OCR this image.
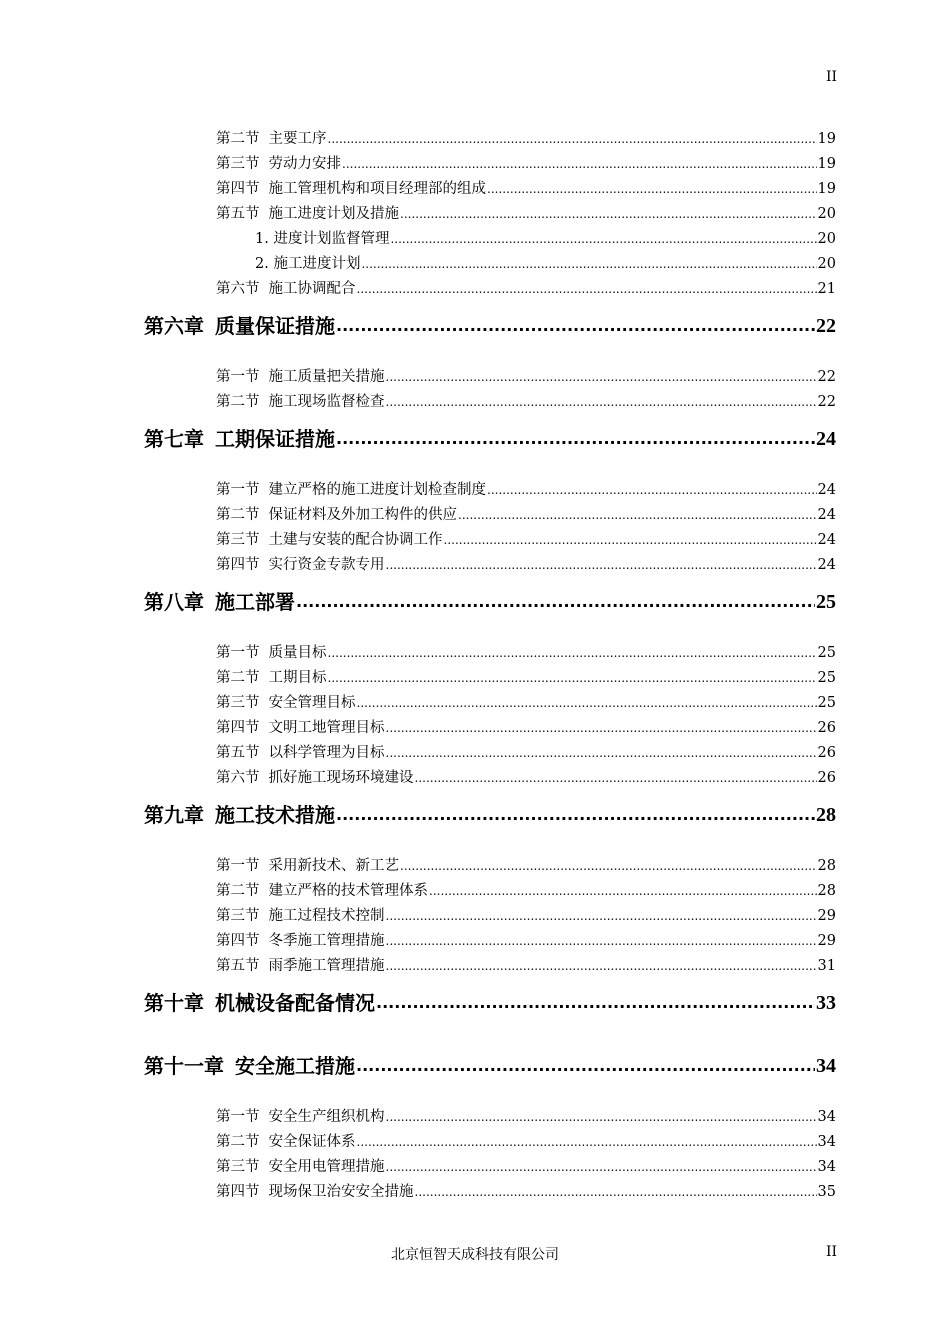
II
第二节 主要工序 .....	19
第三节 劳动力安排 .....	19
第四节 施工管理机构和项目经理部的组成 .....	19
第五节 施工进度计划及措施 .....	20
1. 进度计划监督管理 .....	20
2. 施工进度计划 .....	20
第六节 施工协调配合 .....	21
第六章 质量保证措施 .....	22
第一节 施工质量把关措施 .....	22
第二节 施工现场监督检查 .....	22
第七章 工期保证措施 .....	24
第一节 建立严格的施工进度计划检查制度 .....	24
第二节 保证材料及外加工构件的供应 .....	24
第三节 土建与安装的配合协调工作 .....	24
第四节 实行资金专款专用 .....	24
第八章 施工部署 .....	25
第一节 质量目标 .....	25
第二节 工期目标 .....	25
第三节 安全管理目标 .....	25
第四节 文明工地管理目标 .....	26
第五节 以科学管理为目标 .....	26
第六节 抓好施工现场环境建设 .....	26
第九章 施工技术措施 .....	28
第一节 采用新技术、新工艺 .....	28
第二节 建立严格的技术管理体系 .....	28
第三节 施工过程技术控制 .....	29
第四节 冬季施工管理措施 .....	29
第五节 雨季施工管理措施 .....	31
第十章 机械设备配备情况 .....	33
第十一章 安全施工措施 .....	34
第一节 安全生产组织机构 .....	34
第二节 安全保证体系 .....	34
第三节 安全用电管理措施 .....	34
第四节 现场保卫治安安全措施 .....	35
北京恒智天成科技有限公司	II
